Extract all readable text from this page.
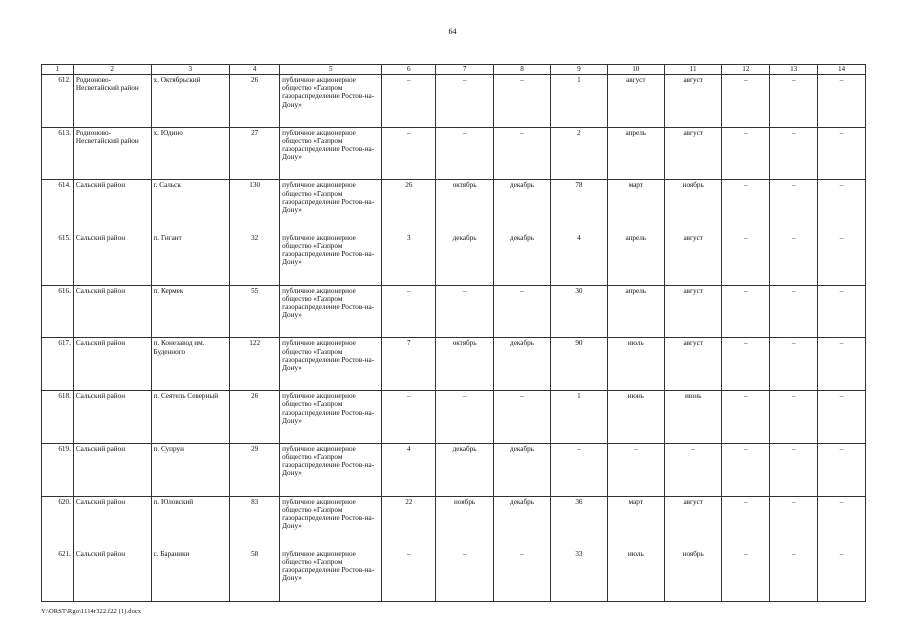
64
1	2	3	4	5	6	7	8	9	10	11	12	13	14
612.	Родионово-Несветайский район	х. Октябрьский	26	публичное акционерное общество «Газпром газораспределение Ростов-на-Дону»	–	–	–	1	август	август	–	–	–
613.	Родионово-Несветайский район	х. Юдино	27	публичное акционерное общество «Газпром газораспределение Ростов-на-Дону»	–	–	–	2	апрель	август	–	–	–
614.	Сальский район	г. Сальск	130	публичное акционерное общество «Газпром газораспределение Ростов-на-Дону»	26	октябрь	декабрь	78	март	ноябрь	–	–	–
615.	Сальский район	п. Гигант	32	публичное акционерное общество «Газпром газораспределение Ростов-на-Дону»	3	декабрь	декабрь	4	апрель	август	–	–	–
616.	Сальский район	п. Кермек	55	публичное акционерное общество «Газпром газораспределение Ростов-на-Дону»	–	–	–	30	апрель	август	–	–	–
617.	Сальский район	п. Конезавод им. Буденного	122	публичное акционерное общество «Газпром газораспределение Ростов-на-Дону»	7	октябрь	декабрь	90	июль	август	–	–	–
618.	Сальский район	п. Сеятель Северный	26	публичное акционерное общество «Газпром газораспределение Ростов-на-Дону»	–	–	–	1	июнь	июнь	–	–	–
619.	Сальский район	п. Супрун	29	публичное акционерное общество «Газпром газораспределение Ростов-на-Дону»	4	декабрь	декабрь	–	–	–	–	–	–
620.	Сальский район	п. Юловский	83	публичное акционерное общество «Газпром газораспределение Ростов-на-Дону»	22	ноябрь	декабрь	36	март	август	–	–	–
621.	Сальский район	с. Бараники	58	публичное акционерное общество «Газпром газораспределение Ростов-на-Дону»	–	–	–	33	июль	ноябрь	–	–	–
Y:\ORST\Rgo\1114r322.f22 (1).docx
